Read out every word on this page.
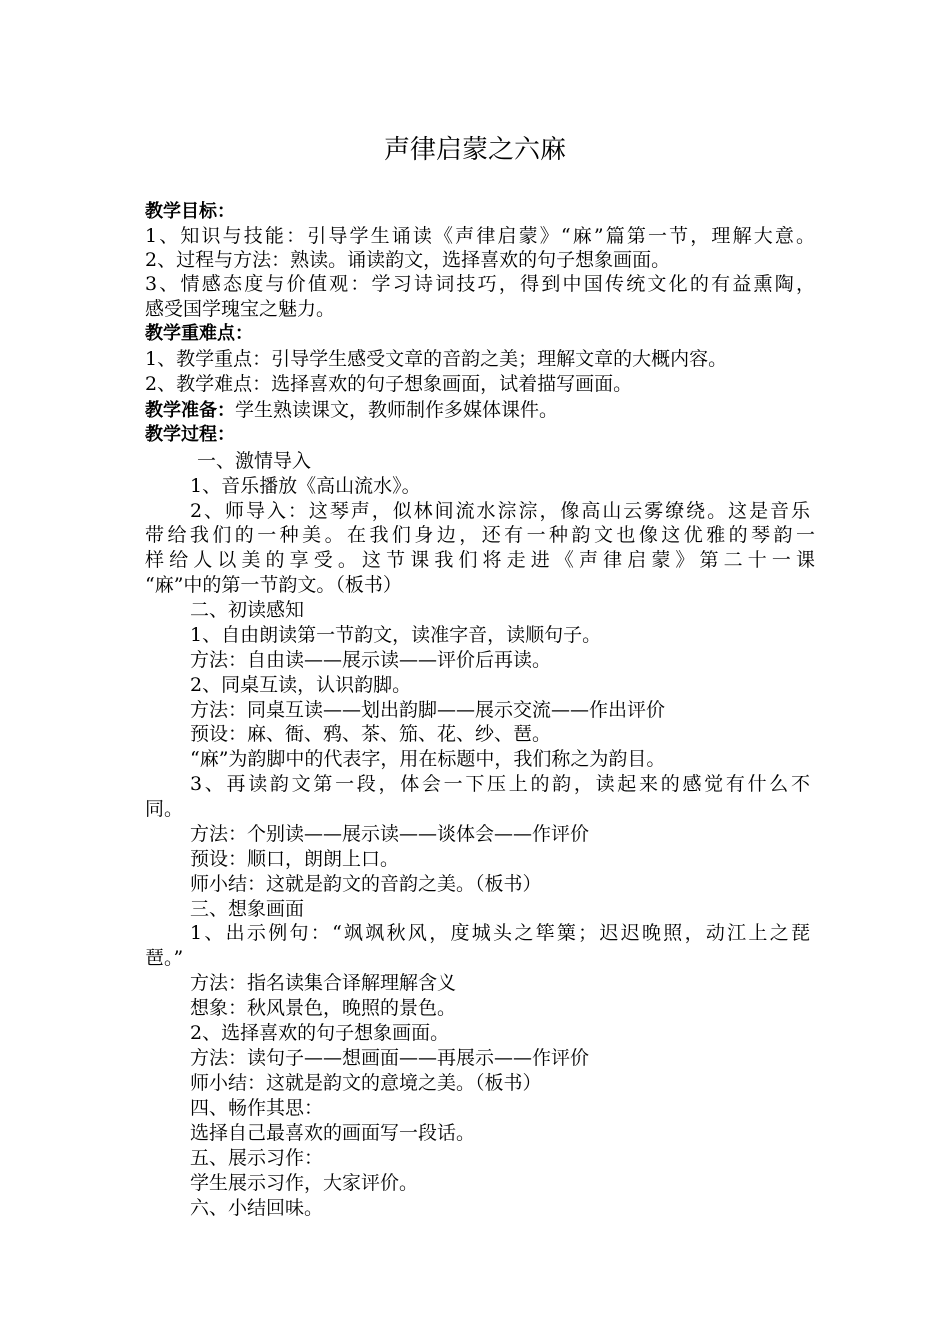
声律启蒙之六麻
教学目标：
1、知识与技能：引导学生诵读《声律启蒙》“麻”篇第一节，理解大意。
2、过程与方法：熟读。诵读韵文，选择喜欢的句子想象画面。
3、情感态度与价值观：学习诗词技巧，得到中国传统文化的有益熏陶，
感受国学瑰宝之魅力。
教学重难点：
1、教学重点：引导学生感受文章的音韵之美；理解文章的大概内容。
2、教学难点：选择喜欢的句子想象画面，试着描写画面。
教学准备：学生熟读课文，教师制作多媒体课件。
教学过程：
一、激情导入
1、音乐播放《高山流水》。
2、师导入：这琴声，似林间流水淙淙，像高山云雾缭绕。这是音乐
带给我们的一种美。在我们身边，还有一种韵文也像这优雅的琴韵一
样给人以美的享受。这节课我们将走进《声律启蒙》第二十一课
“麻”中的第一节韵文。（板书）
二、初读感知
1、自由朗读第一节韵文，读准字音，读顺句子。
方法：自由读——展示读——评价后再读。
2、同桌互读，认识韵脚。
方法：同桌互读——划出韵脚——展示交流——作出评价
预设：麻、衙、鸦、茶、笳、花、纱、琶。
“麻”为韵脚中的代表字，用在标题中，我们称之为韵目。
3、再读韵文第一段，体会一下压上的韵，读起来的感觉有什么不
同。
方法：个别读——展示读——谈体会——作评价
预设：顺口，朗朗上口。
师小结：这就是韵文的音韵之美。（板书）
三、想象画面
1、出示例句：“飒飒秋风，度城头之筚篥；迟迟晚照，动江上之琵
琶。”
方法：指名读集合译解理解含义
想象：秋风景色，晚照的景色。
2、选择喜欢的句子想象画面。
方法：读句子——想画面——再展示——作评价
师小结：这就是韵文的意境之美。（板书）
四、畅作其思：
选择自己最喜欢的画面写一段话。
五、展示习作：
学生展示习作，大家评价。
六、小结回味。
